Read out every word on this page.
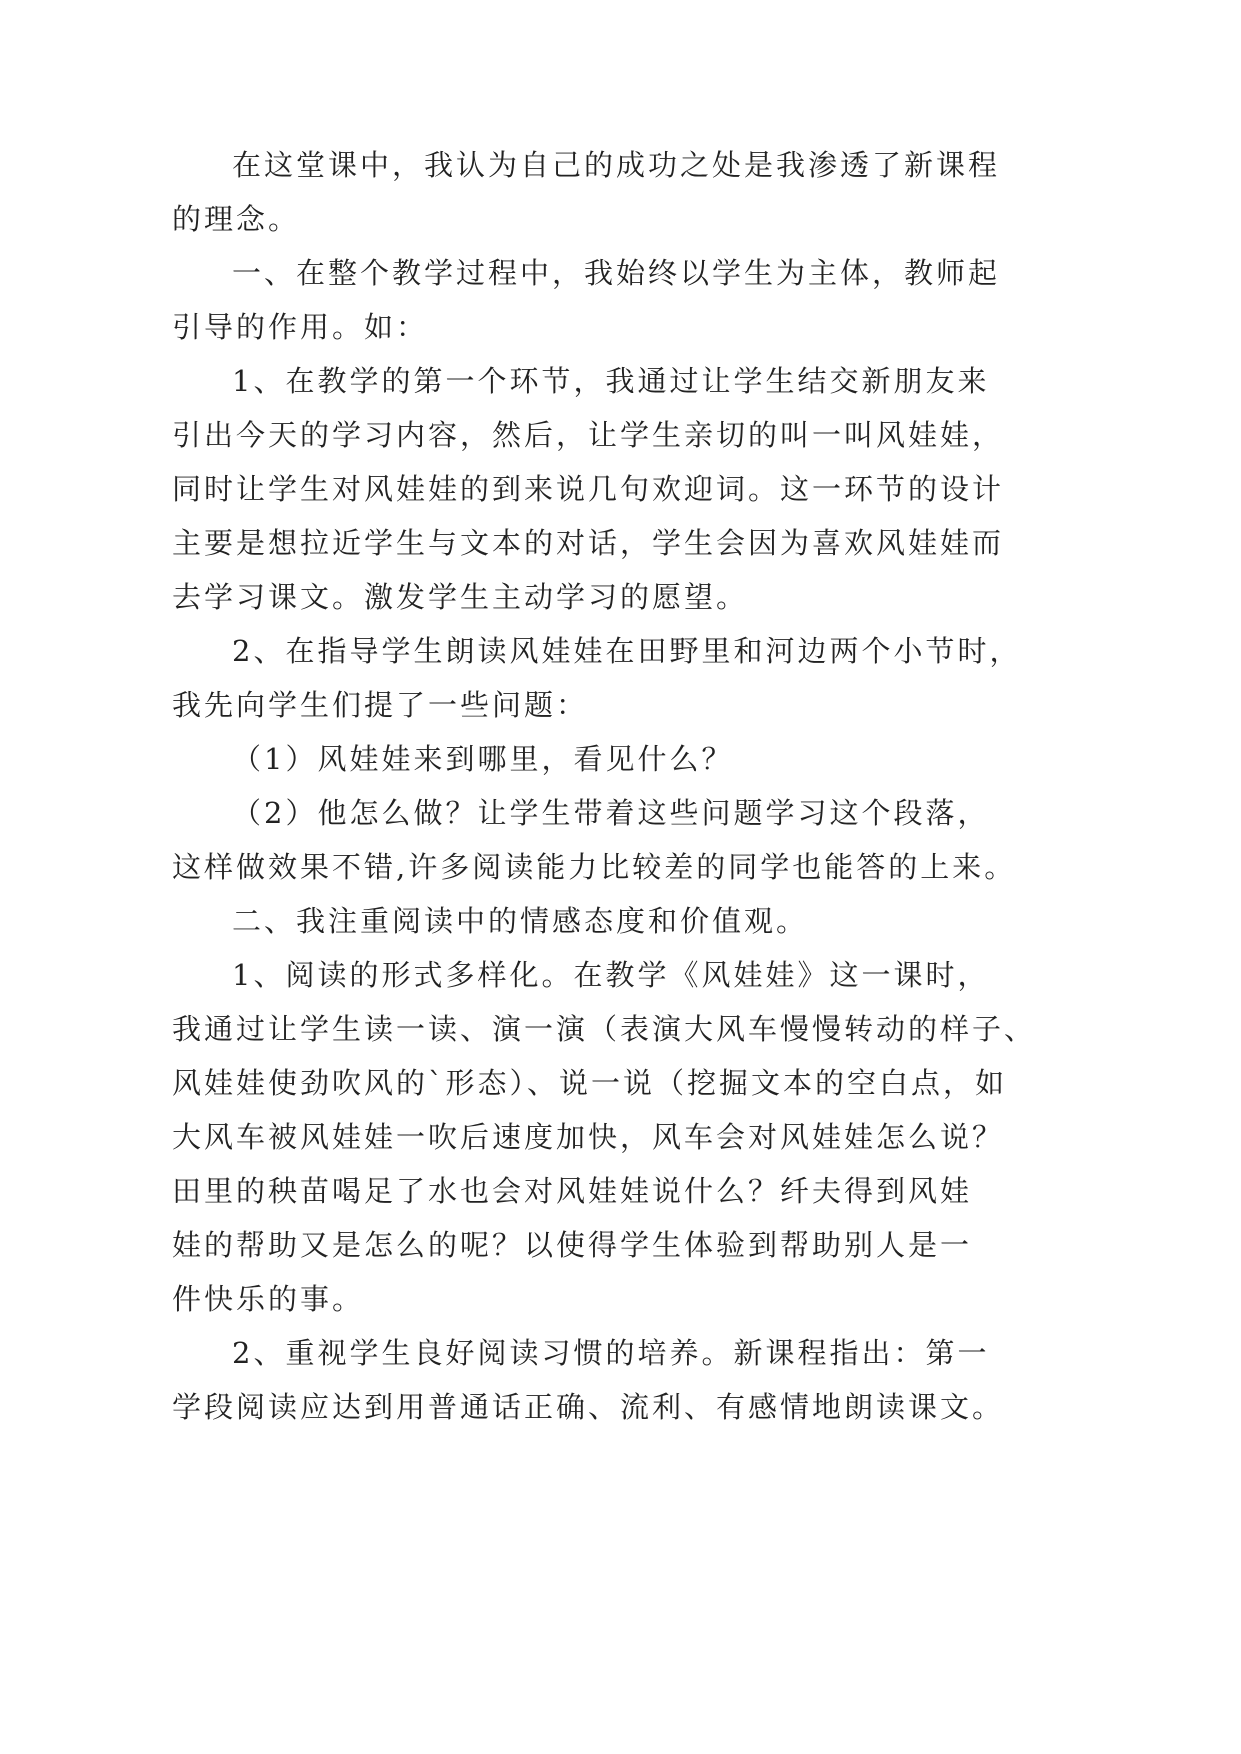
在这堂课中，我认为自己的成功之处是我渗透了新课程
的理念。
一、在整个教学过程中，我始终以学生为主体，教师起
引导的作用。如：
1、在教学的第一个环节，我通过让学生结交新朋友来
引出今天的学习内容，然后，让学生亲切的叫一叫风娃娃，
同时让学生对风娃娃的到来说几句欢迎词。这一环节的设计
主要是想拉近学生与文本的对话，学生会因为喜欢风娃娃而
去学习课文。激发学生主动学习的愿望。
2、在指导学生朗读风娃娃在田野里和河边两个小节时，
我先向学生们提了一些问题：
（1）风娃娃来到哪里，看见什么？
（2）他怎么做？让学生带着这些问题学习这个段落，
这样做效果不错,许多阅读能力比较差的同学也能答的上来。
二、我注重阅读中的情感态度和价值观。
1、阅读的形式多样化。在教学《风娃娃》这一课时，
我通过让学生读一读、演一演（表演大风车慢慢转动的样子、
风娃娃使劲吹风的`形态）、说一说（挖掘文本的空白点，如
大风车被风娃娃一吹后速度加快，风车会对风娃娃怎么说？
田里的秧苗喝足了水也会对风娃娃说什么？纤夫得到风娃
娃的帮助又是怎么的呢？以使得学生体验到帮助别人是一
件快乐的事。
2、重视学生良好阅读习惯的培养。新课程指出：第一
学段阅读应达到用普通话正确、流利、有感情地朗读课文。
